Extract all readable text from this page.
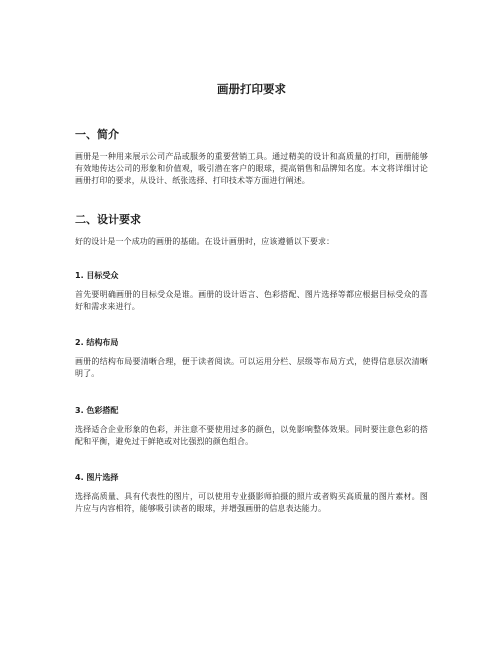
画册打印要求
一、简介

画册是一种用来展示公司产品或服务的重要营销工具。通过精美的设计和高质量的打印，画册能够有效地传达公司的形象和价值观，吸引潜在客户的眼球，提高销售和品牌知名度。本文将详细讨论画册打印的要求，从设计、纸张选择、打印技术等方面进行阐述。

二、设计要求

好的设计是一个成功的画册的基础。在设计画册时，应该遵循以下要求：

1. 目标受众

首先要明确画册的目标受众是谁。画册的设计语言、色彩搭配、图片选择等都应根据目标受众的喜好和需求来进行。

2. 结构布局

画册的结构布局要清晰合理，便于读者阅读。可以运用分栏、层级等布局方式，使得信息层次清晰明了。

3. 色彩搭配

选择适合企业形象的色彩，并注意不要使用过多的颜色，以免影响整体效果。同时要注意色彩的搭配和平衡，避免过于鲜艳或对比强烈的颜色组合。

4. 图片选择

选择高质量、具有代表性的图片，可以使用专业摄影师拍摄的照片或者购买高质量的图片素材。图片应与内容相符，能够吸引读者的眼球，并增强画册的信息表达能力。
